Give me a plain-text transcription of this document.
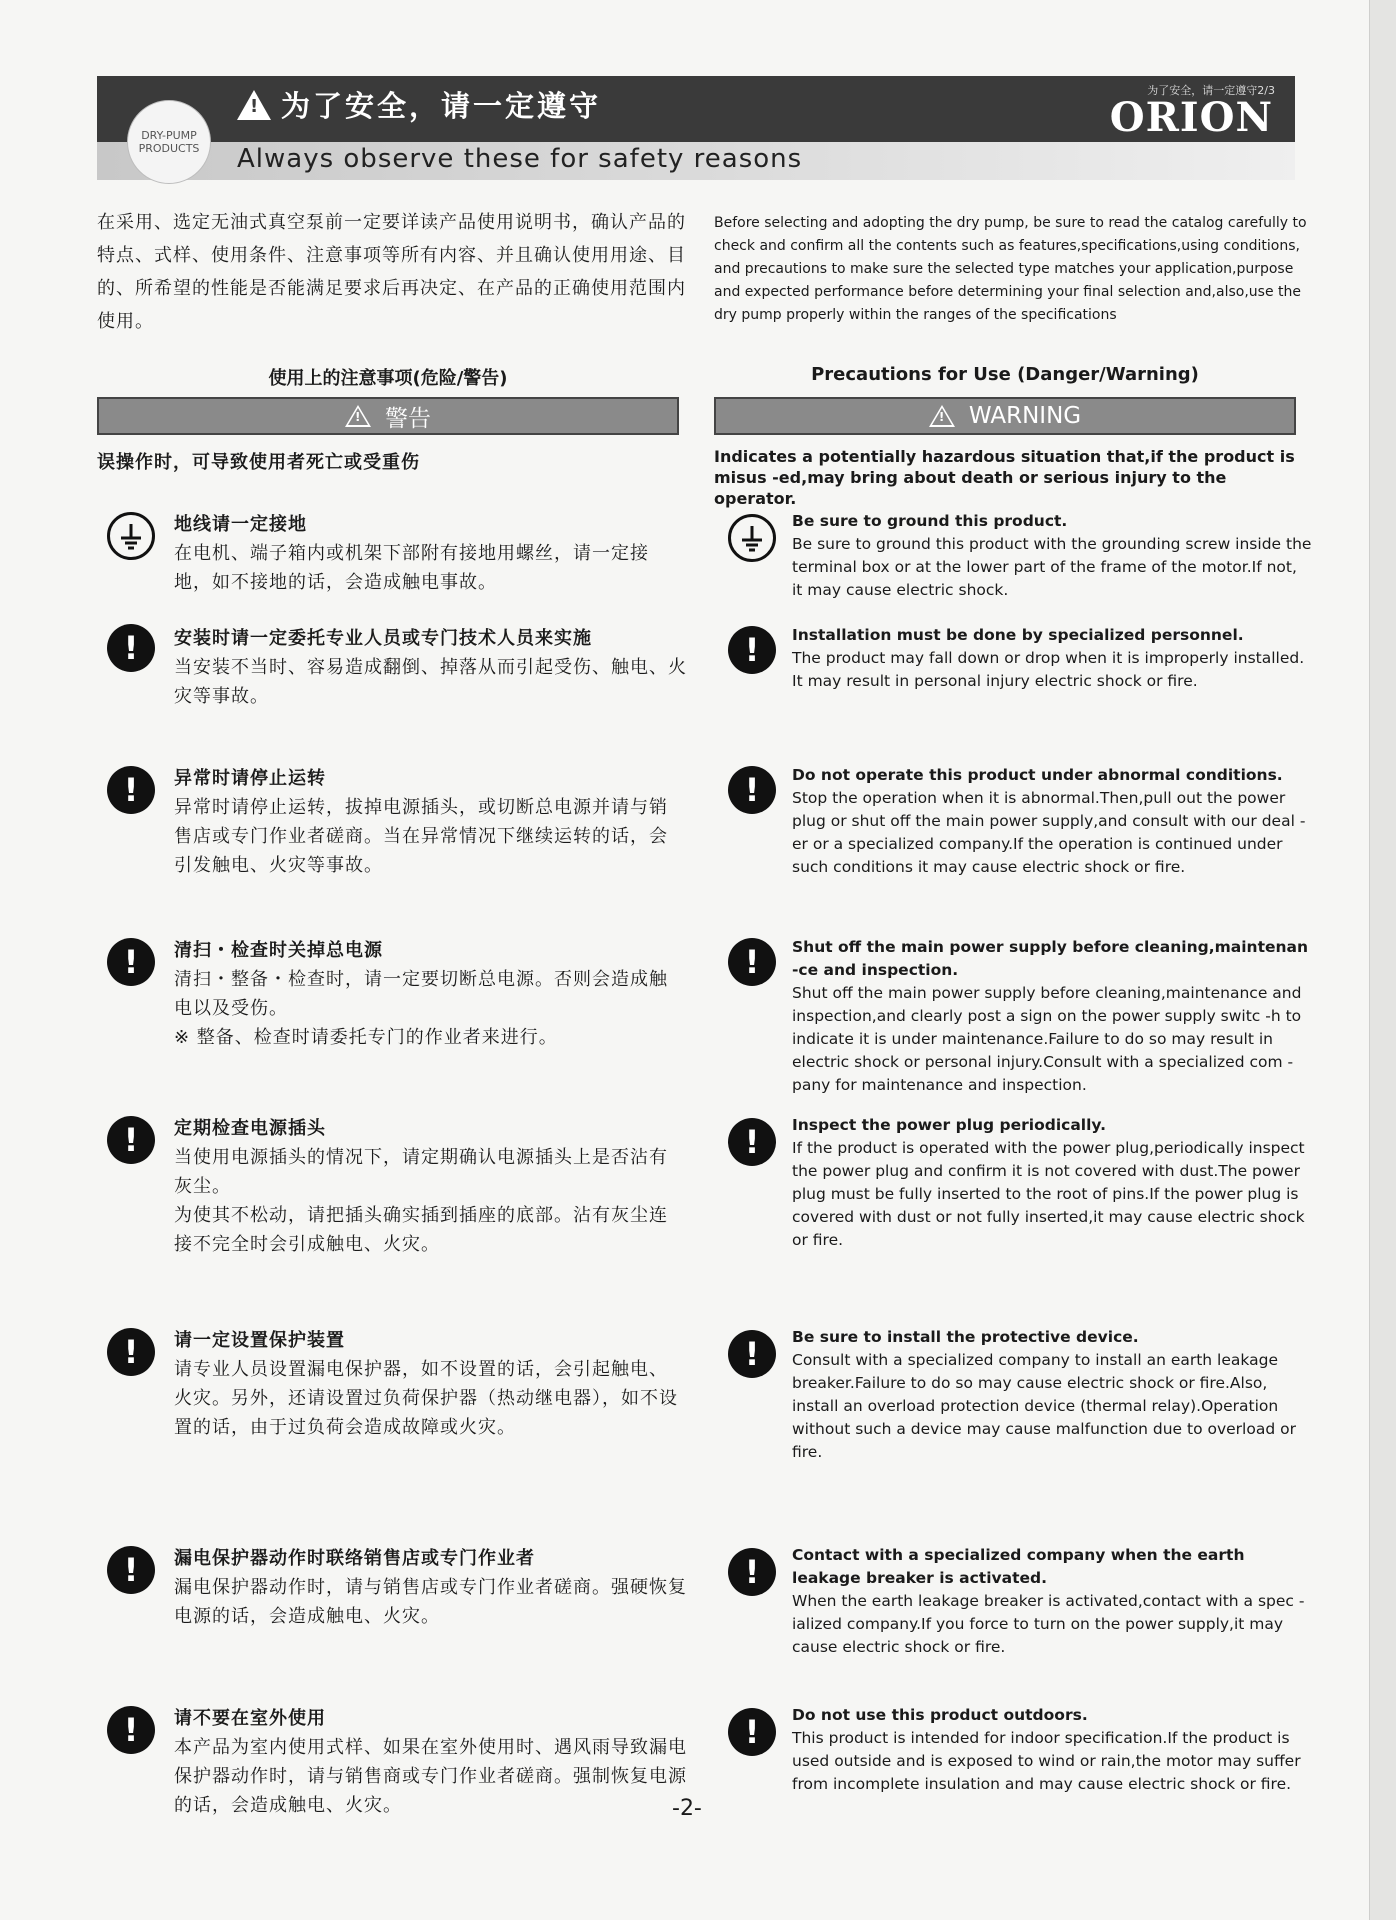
DRY-PUMP
PRODUCTS
!
为了安全，请一定遵守
Always observe these for safety reasons
为了安全，请一定遵守2/3
ORION
在采用、选定无油式真空泵前一定要详读产品使用说明书，确认产品的特点、式样、使用条件、注意事项等所有内容、并且确认使用用途、目的、所希望的性能是否能满足要求后再决定、在产品的正确使用范围内使用。
Before selecting and adopting the dry pump, be sure to read the catalog carefully to check and confirm all the contents such as features,specifications,using conditions, and precautions to make sure the selected type matches your application,purpose and expected performance before determining your final selection and,also,use the dry pump properly within the ranges of the specifications
使用上的注意事项(危险/警告)	Precautions for Use (Danger/Warning)
!
警告
!	WARNING
误操作时，可导致使用者死亡或受重伤	Indicates a potentially hazardous situation that,if the product is misus -ed,may bring about death or serious injury to the operator.
地线请一定接地
在电机、端子箱内或机架下部附有接地用螺丝，请一定接地，如不接地的话，会造成触电事故。
Be sure to ground this product.
Be sure to ground this product with the grounding screw inside the terminal box or at the lower part of the frame of the motor.If not, it may cause electric shock.
!	安装时请一定委托专业人员或专门技术人员来实施
当安装不当时、容易造成翻倒、掉落从而引起受伤、触电、火灾等事故。
!	Installation must be done by specialized personnel.
The product may fall down or drop when it is improperly installed. It may result in personal injury electric shock or fire.
!	异常时请停止运转
异常时请停止运转，拔掉电源插头，或切断总电源并请与销售店或专门作业者磋商。当在异常情况下继续运转的话，会引发触电、火灾等事故。
!	Do not operate this product under abnormal conditions.
Stop the operation when it is abnormal.Then,pull out the power plug or shut off the main power supply,and consult with our deal -er or a specialized company.If the operation is continued under such conditions it may cause electric shock or fire.
!	清扫・检查时关掉总电源
清扫・整备・检查时，请一定要切断总电源。否则会造成触电以及受伤。
※ 整备、检查时请委托专门的作业者来进行。
!	Shut off the main power supply before cleaning,maintenan -ce and inspection.
Shut off the main power supply before cleaning,maintenance and inspection,and clearly post a sign on the power supply switc -h to indicate it is under maintenance.Failure to do so may result in electric shock or personal injury.Consult with a specialized com -pany for maintenance and inspection.
!	定期检查电源插头
当使用电源插头的情况下，请定期确认电源插头上是否沾有灰尘。
为使其不松动，请把插头确实插到插座的底部。沾有灰尘连接不完全时会引成触电、火灾。
!	Inspect the power plug periodically.
If the product is operated with the power plug,periodically inspect the power plug and confirm it is not covered with dust.The power plug must be fully inserted to the root of pins.If the power plug is covered with dust or not fully inserted,it may cause electric shock or fire.
!	请一定设置保护装置
请专业人员设置漏电保护器，如不设置的话，会引起触电、火灾。另外，还请设置过负荷保护器（热动继电器），如不设置的话，由于过负荷会造成故障或火灾。
!	Be sure to install the protective device.
Consult with a specialized company to install an earth leakage breaker.Failure to do so may cause electric shock or fire.Also, install an overload protection device (thermal relay).Operation without such a device may cause malfunction due to overload or fire.
!	漏电保护器动作时联络销售店或专门作业者
漏电保护器动作时，请与销售店或专门作业者磋商。强硬恢复电源的话，会造成触电、火灾。
!	Contact with a specialized company when the earth leakage breaker is activated.
When the earth leakage breaker is activated,contact with a spec -ialized company.If you force to turn on the power supply,it may cause electric shock or fire.
!	请不要在室外使用
本产品为室内使用式样、如果在室外使用时、遇风雨导致漏电保护器动作时，请与销售商或专门作业者磋商。强制恢复电源的话，会造成触电、火灾。
!	Do not use this product outdoors.
This product is intended for indoor specification.If the product is used outside and is exposed to wind or rain,the motor may suffer from incomplete insulation and may cause electric shock or fire.
-2-
